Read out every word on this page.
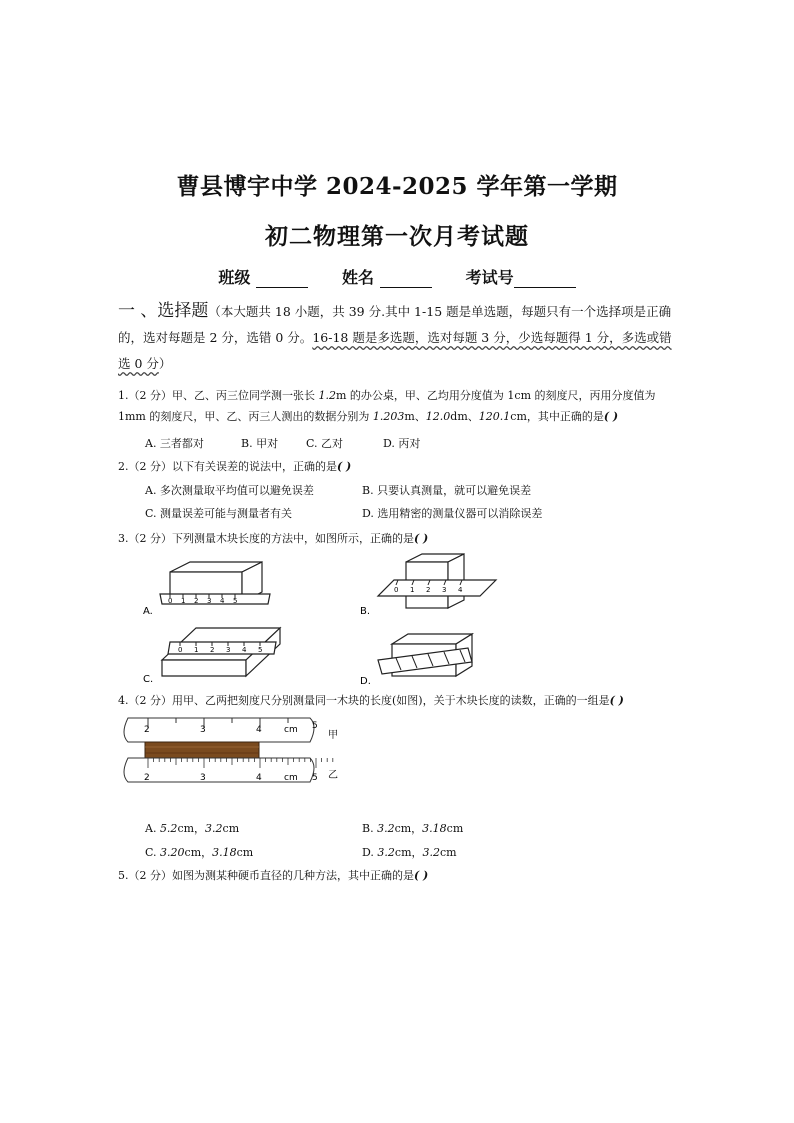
曹县博宇中学 2024-2025 学年第一学期
初二物理第一次月考试题
班级	姓名	考试号
一 、选择题（本大题共 18 小题，共 39 分.其中 1-15 题是单选题，每题只有一个选择项是正确的，选对每题是 2 分，选错 0 分。16-18 题是多选题，选对每题 3 分，少选每题得 1 分，多选或错选 0 分）
1.（2 分）甲、乙、丙三位同学测一张长 1.2m 的办公桌，甲、乙均用分度值为 1cm 的刻度尺，丙用分度值为 1mm 的刻度尺，甲、乙、丙三人测出的数据分别为 1.203m、12.0dm、120.1cm，其中正确的是( )
A. 三者都对	B. 甲对	C. 乙对	D. 丙对
2.（2 分）以下有关误差的说法中，正确的是( )
A. 多次测量取平均值可以避免误差	B. 只要认真测量，就可以避免误差
C. 测量误差可能与测量者有关	D. 选用精密的测量仪器可以消除误差
3.（2 分）下列测量木块长度的方法中，如图所示，正确的是( )
0 1 2 3 4 5
A.
0 1 2 3 4
B.
0 1 2 3 4 5
C.	D.
4.（2 分）用甲、乙两把刻度尺分别测量同一木块的长度(如图)，关于木块长度的读数，正确的一组是( )
2	3	4	5
cm	甲
2	3	4	5
cm	乙
A. 5.2cm，3.2cm	B. 3.2cm，3.18cm
C. 3.20cm，3.18cm	D. 3.2cm，3.2cm
5.（2 分）如图为测某种硬币直径的几种方法，其中正确的是( )
